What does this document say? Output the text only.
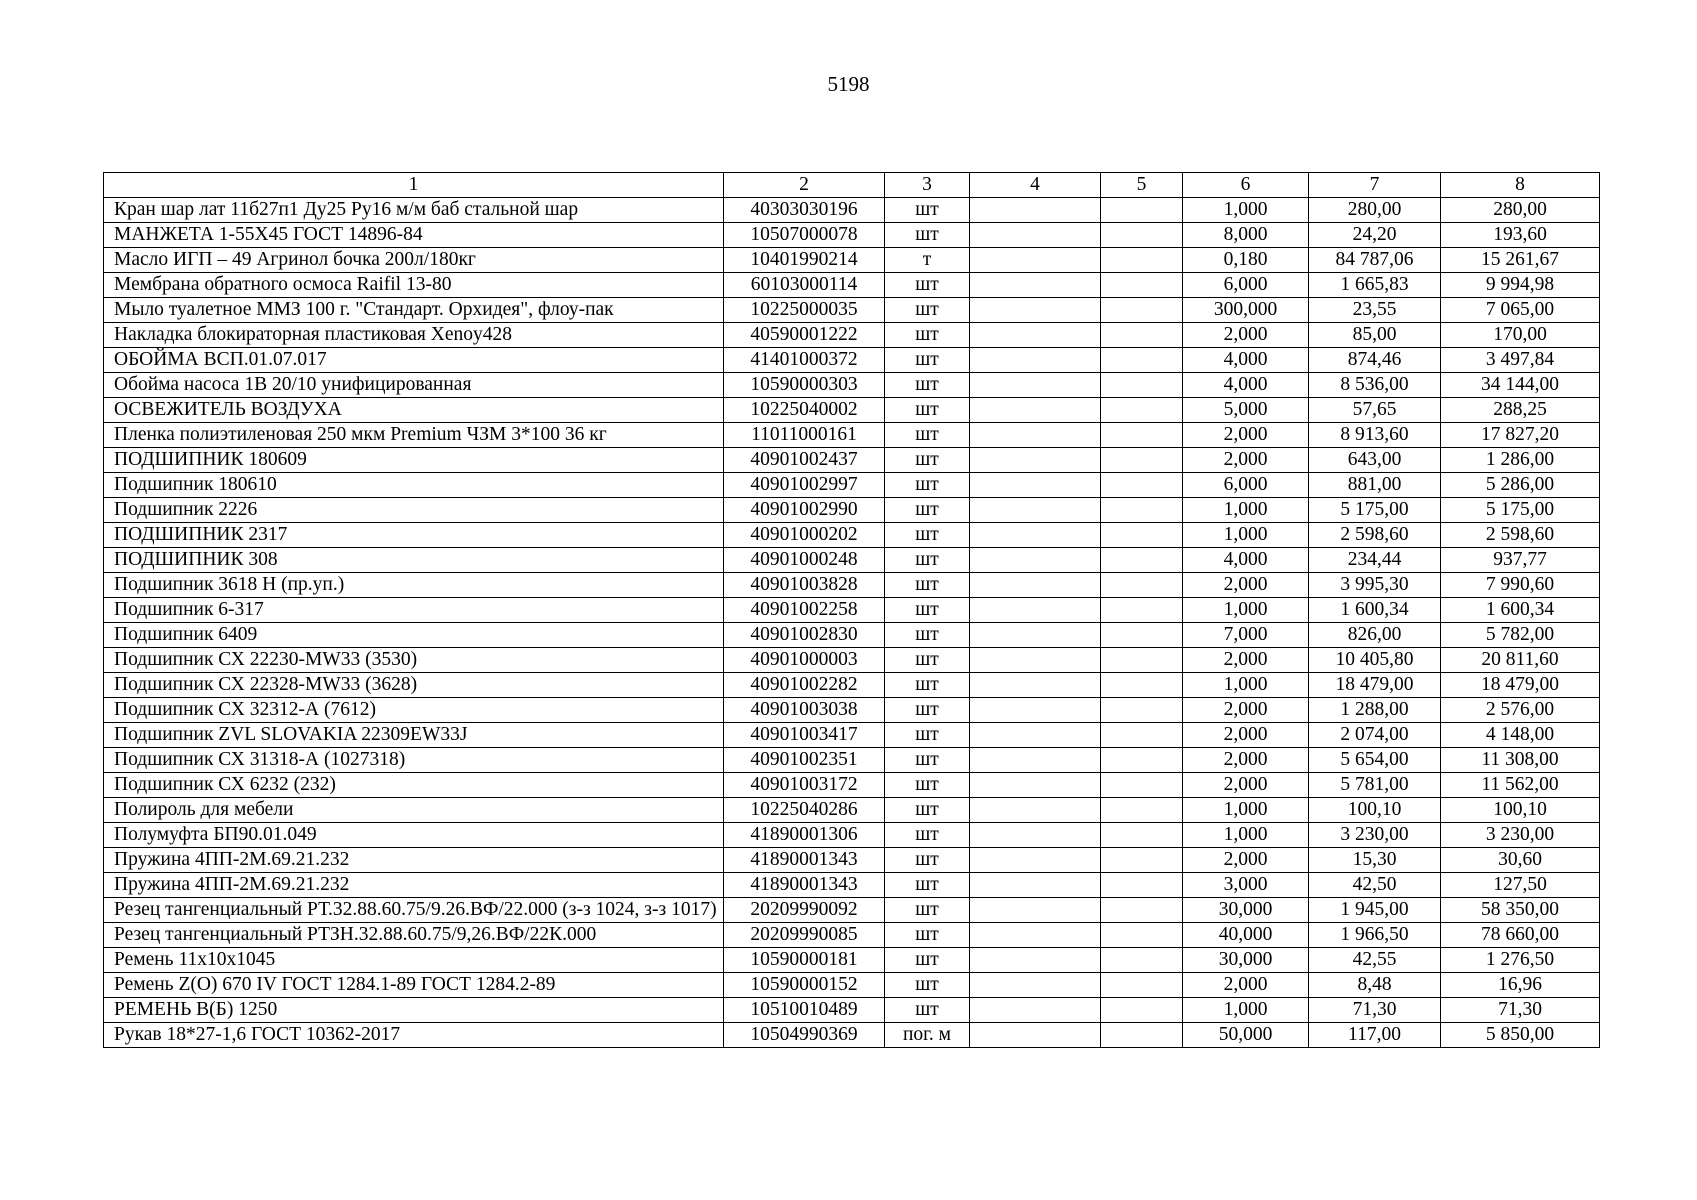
5198
1	2	3	4	5	6	7	8
Кран шар лат 11б27п1 Ду25 Ру16 м/м баб стальной шар	40303030196	шт			1,000	280,00	280,00
МАНЖЕТА 1-55Х45 ГОСТ 14896-84	10507000078	шт			8,000	24,20	193,60
Масло ИГП – 49 Агринол бочка 200л/180кг	10401990214	т			0,180	84 787,06	15 261,67
Мембрана обратного осмоса Raifil 13-80	60103000114	шт			6,000	1 665,83	9 994,98
Мыло туалетное ММЗ 100 г. "Стандарт. Орхидея", флоу-пак	10225000035	шт			300,000	23,55	7 065,00
Накладка блокираторная пластиковая Xenoy428	40590001222	шт			2,000	85,00	170,00
ОБОЙМА ВСП.01.07.017	41401000372	шт			4,000	874,46	3 497,84
Обойма насоса 1В 20/10 унифицированная	10590000303	шт			4,000	8 536,00	34 144,00
ОСВЕЖИТЕЛЬ ВОЗДУХА	10225040002	шт			5,000	57,65	288,25
Пленка полиэтиленовая 250 мкм Premium ЧЗМ 3*100 36 кг	11011000161	шт			2,000	8 913,60	17 827,20
ПОДШИПНИК 180609	40901002437	шт			2,000	643,00	1 286,00
Подшипник 180610	40901002997	шт			6,000	881,00	5 286,00
Подшипник 2226	40901002990	шт			1,000	5 175,00	5 175,00
ПОДШИПНИК 2317	40901000202	шт			1,000	2 598,60	2 598,60
ПОДШИПНИК 308	40901000248	шт			4,000	234,44	937,77
Подшипник 3618 Н (пр.уп.)	40901003828	шт			2,000	3 995,30	7 990,60
Подшипник 6-317	40901002258	шт			1,000	1 600,34	1 600,34
Подшипник 6409	40901002830	шт			7,000	826,00	5 782,00
Подшипник СХ 22230-MW33 (3530)	40901000003	шт			2,000	10 405,80	20 811,60
Подшипник СХ 22328-MW33 (3628)	40901002282	шт			1,000	18 479,00	18 479,00
Подшипник СХ 32312-А (7612)	40901003038	шт			2,000	1 288,00	2 576,00
Подшипник ZVL SLOVAKIA 22309EW33J	40901003417	шт			2,000	2 074,00	4 148,00
Подшипник СХ 31318-А (1027318)	40901002351	шт			2,000	5 654,00	11 308,00
Подшипник СХ 6232 (232)	40901003172	шт			2,000	5 781,00	11 562,00
Полироль для мебели	10225040286	шт			1,000	100,10	100,10
Полумуфта БП90.01.049	41890001306	шт			1,000	3 230,00	3 230,00
Пружина 4ПП-2М.69.21.232	41890001343	шт			2,000	15,30	30,60
Пружина 4ПП-2М.69.21.232	41890001343	шт			3,000	42,50	127,50
Резец тангенциальный РТ.32.88.60.75/9.26.ВФ/22.000 (з-з 1024, з-з 1017)	20209990092	шт			30,000	1 945,00	58 350,00
Резец тангенциальный РТЗН.32.88.60.75/9,26.ВФ/22К.000	20209990085	шт			40,000	1 966,50	78 660,00
Ремень 11х10х1045	10590000181	шт			30,000	42,55	1 276,50
Ремень Z(O) 670 IV ГОСТ 1284.1-89 ГОСТ 1284.2-89	10590000152	шт			2,000	8,48	16,96
РЕМЕНЬ В(Б) 1250	10510010489	шт			1,000	71,30	71,30
Рукав 18*27-1,6 ГОСТ 10362-2017	10504990369	пог. м			50,000	117,00	5 850,00
